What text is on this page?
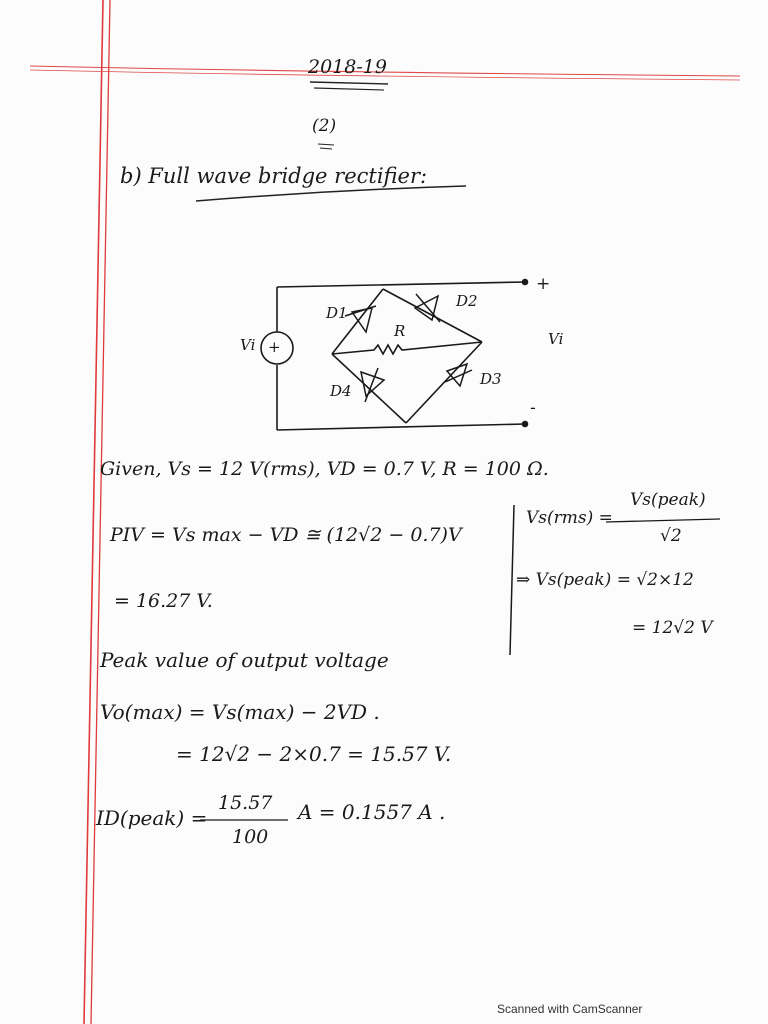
2018-19
(2)
b) Full wave bridge rectifier:
Vi +
D1
D2
D3
D4
R
+
-
Vi
Given, Vs = 12 V(rms), VD = 0.7 V, R = 100 Ω.
PIV = Vs max − VD ≅ (12√2 − 0.7)V
= 16.27 V.
Vs(rms) =
Vs(peak)
√2
⇒ Vs(peak) = √2×12
= 12√2 V
Peak value of output voltage
Vo(max) = Vs(max) − 2VD .
= 12√2 − 2×0.7 = 15.57 V.
ID(peak) =
15.57
100
A = 0.1557 A .
Scanned with CamScanner
